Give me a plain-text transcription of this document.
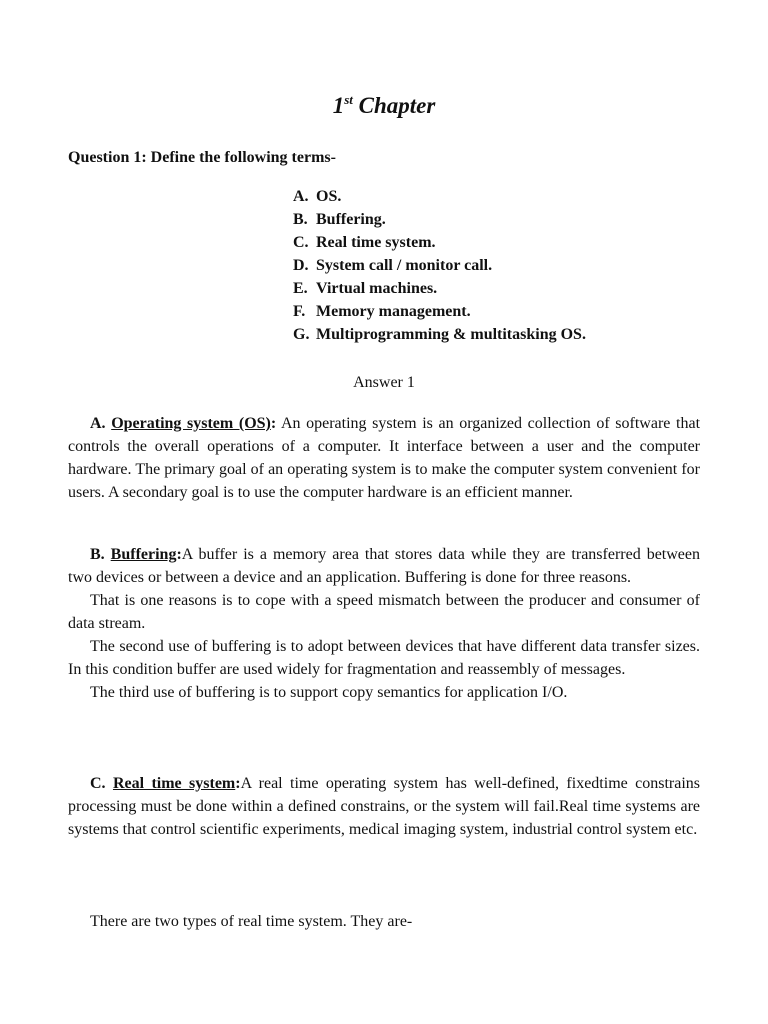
1st Chapter
Question 1: Define the following terms-
A. OS.
B. Buffering.
C. Real time system.
D. System call / monitor call.
E. Virtual machines.
F. Memory management.
G. Multiprogramming & multitasking OS.
Answer 1

A. Operating system (OS): An operating system is an organized collection of software that controls the overall operations of a computer. It interface between a user and the computer hardware. The primary goal of an operating system is to make the computer system convenient for users. A secondary goal is to use the computer hardware is an efficient manner.

B. Buffering:A buffer is a memory area that stores data while they are transferred between two devices or between a device and an application. Buffering is done for three reasons.

That is one reasons is to cope with a speed mismatch between the producer and consumer of data stream.

The second use of buffering is to adopt between devices that have different data transfer sizes. In this condition buffer are used widely for fragmentation and reassembly of messages.

The third use of buffering is to support copy semantics for application I/O.

C. Real time system:A real time operating system has well-defined, fixedtime constrains processing must be done within a defined constrains, or the system will fail.Real time systems are systems that control scientific experiments, medical imaging system, industrial control system etc.

There are two types of real time system. They are-
